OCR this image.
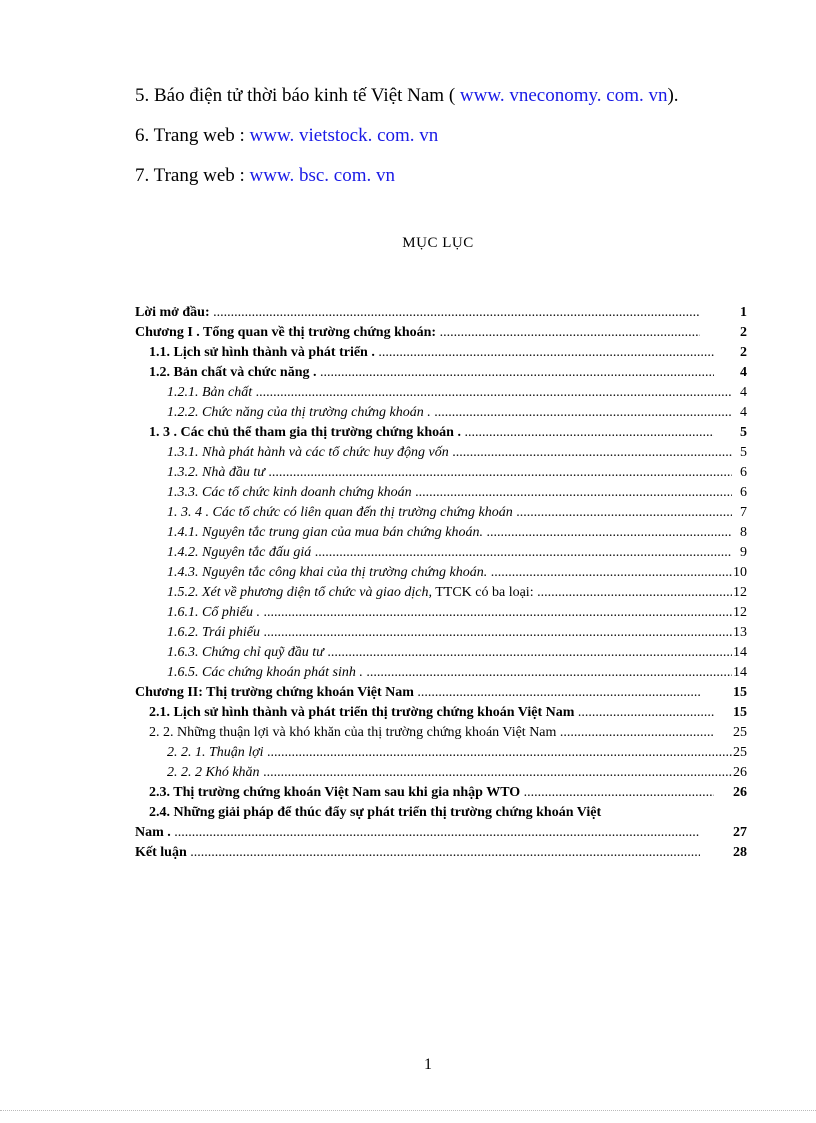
5. Báo điện tử thời báo kinh tế Việt Nam ( www. vneconomy. com. vn).
6. Trang web : www. vietstock. com. vn
7. Trang web : www. bsc. com. vn
MỤC LỤC
Lời mở đầu: .....	1
Chương I . Tổng quan về thị trường chứng khoán: .....	2
1.1. Lịch sử hình thành và phát triển . .....	2
1.2. Bản chất và chức năng . .....	4
1.2.1. Bản chất .....	4
1.2.2. Chức năng của thị trường chứng khoán . .....	4
1. 3 . Các chủ thể tham gia thị trường chứng khoán . .....	5
1.3.1. Nhà phát hành và các tổ chức huy động vốn .....	5
1.3.2. Nhà đầu tư .....	6
1.3.3. Các tổ chức kinh doanh chứng khoán .....	6
1. 3. 4 . Các tổ chức có liên quan đến thị trường chứng khoán .....	7
1.4.1. Nguyên tắc trung gian của mua bán chứng khoán. .....	8
1.4.2. Nguyên tắc đấu giá .....	9
1.4.3. Nguyên tắc công khai của thị trường chứng khoán. .....	10
1.5.2. Xét về phương diện tổ chức và giao dịch, TTCK có ba loại: .....	12
1.6.1. Cổ phiếu . .....	12
1.6.2. Trái phiếu .....	13
1.6.3. Chứng chỉ quỹ đầu tư .....	14
1.6.5. Các chứng khoán phát sinh . .....	14
Chương II: Thị trường chứng khoán Việt Nam .....	15
2.1. Lịch sử hình thành và phát triển thị trường chứng khoán Việt Nam .....	15
2. 2. Những thuận lợi và khó khăn của thị trường chứng khoán Việt Nam .....	25
2. 2. 1. Thuận lợi .....	25
2. 2. 2 Khó khăn .....	26
2.3. Thị trường chứng khoán Việt Nam sau khi gia nhập WTO .....	26
2.4. Những giải pháp để thúc đẩy sự phát triển thị trường chứng khoán Việt
Nam . .....	27
Kết luận .....	28
1
